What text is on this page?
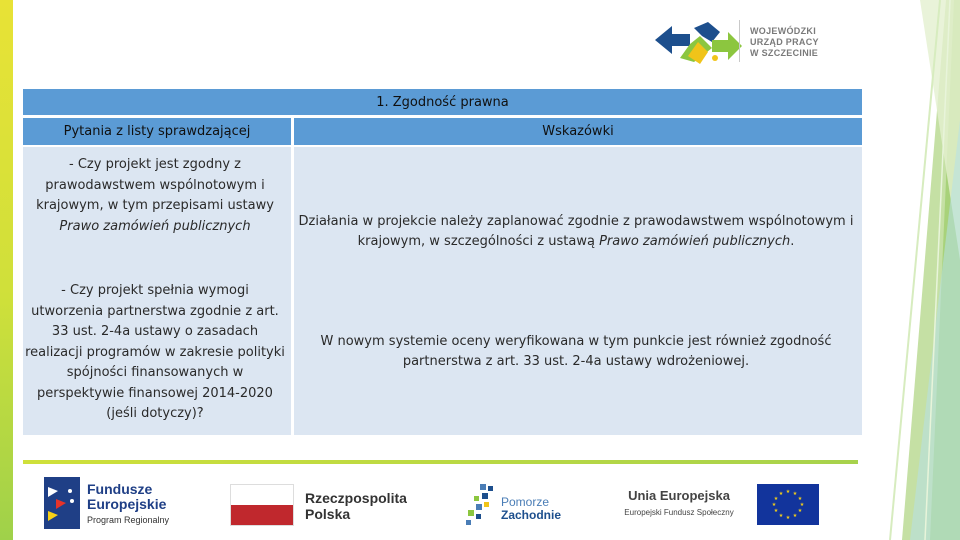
WOJEWÓDZKI
URZĄD PRACY
W SZCZECINIE
1. Zgodność prawna
Pytania z listy sprawdzającej	Wskazówki
- Czy projekt jest zgodny z prawodawstwem wspólnotowym i krajowym, w tym przepisami ustawy Prawo zamówień publicznych
- Czy projekt spełnia wymogi utworzenia partnerstwa zgodnie z art. 33 ust. 2-4a ustawy o zasadach realizacji programów w zakresie polityki spójności finansowanych w perspektywie finansowej 2014-2020 (jeśli dotyczy)?
Działania w projekcie należy zaplanować zgodnie z prawodawstwem wspólnotowym i krajowym, w szczególności z ustawą Prawo zamówień publicznych.
W nowym systemie oceny weryfikowana w tym punkcie jest również zgodność partnerstwa z art. 33 ust. 2-4a ustawy wdrożeniowej.
Fundusze
Europejskie
Program Regionalny
Rzeczpospolita
Polska
Pomorze
Zachodnie
Unia Europejska
Europejski Fundusz Społeczny
★ ★
★
★
★
★
★
★
★
★
★
★
